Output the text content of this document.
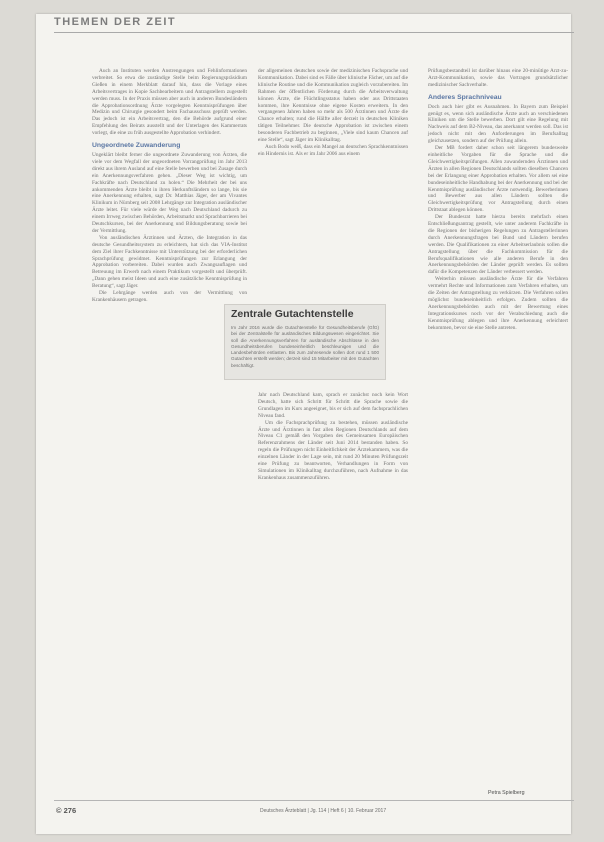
THEMEN DER ZEIT

Auch an Instituten werden Anstrengungen und Fehlinformationen verbreitet. So etwa die zuständige Stelle beim Regierungspräsidium Gießen in einem Merkblatt darauf hin, dass die Vorlage eines Arbeitsvertrages in Kopie Sachbearbeitern und Antragstellern zugestellt werden muss. In der Praxis müssen aber auch in anderen Bundesländern die Approbationsordnung Ärzte vorgelegten Kenntnisprüfungen über Medizin und Chirurgie gesondert beim Fachausschuss geprüft werden. Das jedoch ist ein Arbeitsvertrag, den die Behörde aufgrund einer Empfehlung des Beirats ausstellt und der Unterlagen des Kammerrats vorlegt, die eine zu früh ausgestellte Approbation verhindert.

Ungeordnete Zuwanderung

Ungeklärt bleibt ferner die ungeordnete Zuwanderung von Ärzten, die viele vor dem Wegfall der ungeordneten Vorrangprüfung im Jahr 2013 direkt aus ihrem Ausland auf eine Stelle bewerben und bei Zusage durch ein Anerkennungsverfahren gehen. „Dieser Weg ist wichtig, um Fachkräfte nach Deutschland zu holen.“ Die Mehrheit der bei uns ankommenden Ärzte bleibt in ihren Herkunftsländern so lange, bis sie eine Anerkennung erhalten, sagt Dr. Matthias Jäger, der am Vivantes Klinikum in Nürnberg seit 2008 Lehrgänge zur Integration ausländischer Ärzte leitet. Für viele würde der Weg nach Deutschland dadurch zu einem Irrweg zwischen Behörden, Arbeitsmarkt und Sprachbarrieren bei Deutschkursen, bei der Anerkennung und Bildungsberatung sowie bei der Vermittlung.

Von ausländischen Ärztinnen und Ärzten, die Integration in das deutsche Gesundheitssystem zu erleichtern, hat sich das VIA-Institut dem Ziel ihrer Fachkenntnisse mit Unterstützung bei der erforderlichen Sprachprüfung gewidmet. Kenntnisprüfungen zur Erlangung der Approbation vorbereiten. Dabei wurden auch Zwangsauflagen und Betreuung im Erwerb nach einem Praktikum vorgestellt und überprüft. „Dann gehen meist Ideen und auch eine zusätzliche Kenntnisprüfung in Beratung“, sagt Jäger.

Die Lehrgänge werden auch von der Vermittlung von Krankenhäusern getragen.

der allgemeinen deutschen sowie der medizinischen Fachsprache und Kommunikation. Dabei sind es Fälle über klinische Fächer, um auf die klinische Routine und die Kommunikation zugleich vorzubereiten. Im Rahmen der öffentlichen Förderung durch die Arbeitsverwaltung können Ärzte, die Flüchtlingsstatus haben oder aus Drittstaaten kommen, ihre Kenntnisse ohne eigene Kosten erweitern. In den vergangenen Jahren haben so mehr als 500 Ärztinnen und Ärzte die Chance erhalten; rund die Hälfte aller derzeit in deutschen Kliniken tätigen Teilnehmer. Die deutsche Approbation ist zwischen einem besonderen Fachbetrieb zu beginnen, „Viele sind kaum Chancen auf eine Stelle“, sagt Jäger im Klinikalltag.

Auch Bodo weiß, dass ein Mangel an deutschen Sprachkenntnissen ein Hindernis ist. Als er im Jahr 2006 aus einem

Zentrale Gutachtenstelle
Im Jahr 2016 wurde die Gutachtenstelle für Gesundheitsberufe (GfG) bei der Zentralstelle für ausländisches Bildungswesen eingerichtet. Sie soll die Anerkennungsverfahren für ausländische Abschlüsse in den Gesundheitsberufen bundeseinheitlich beschleunigen und die Landesbehörden entlasten. Bis zum Jahresende sollen dort rund 1 500 Gutachten erstellt werden; derzeit sind 15 Mitarbeiter mit den Gutachten beschäftigt.

Jahr nach Deutschland kam, sprach er zunächst noch kein Wort Deutsch, hatte sich Schritt für Schritt die Sprache sowie die Grundlagen im Kurs angeeignet, bis er sich auf dem fachsprachlichen Niveau fand.

Um die Fachsprachprüfung zu bestehen, müssen ausländische Ärzte und Ärztinnen in fast allen Regionen Deutschlands auf dem Niveau C1 gemäß den Vorgaben des Gemeinsamen Europäischen Referenzrahmens der Länder seit Juni 2014 bestanden haben. So regeln die Prüfungen nicht Einheitlichkeit der Ärztekammern, was die einzelnen Länder in der Lage sein, mit rund 20 Minuten Prüfungszeit eine Prüfung zu beantworten, Verhandlungen in Form von Simulationen im Klinikalltag durchzuführen, nach Aufnahme in das Krankenhaus zusammenzuführen.

Prüfungsbestandteil ist darüber hinaus eine 20-minütige Arzt-zu-Arzt-Kommunikation, sowie das Vortragen grundsätzlicher medizinischer Sachverhalte.

Anderes Sprachniveau

Doch auch hier gibt es Ausnahmen. In Bayern zum Beispiel genügt es, wenn sich ausländische Ärzte auch an verschiedenen Kliniken um die Stelle bewerben. Dort gilt eine Regelung mit Nachweis auf dem B2-Niveau, das anerkannt werden soll. Das ist jedoch nicht mit den Anforderungen im Berufsalltag gleichzusetzen, sondern auf der Prüfung allein.

Der MB fordert daher schon seit längerem bundesweite einheitliche Vorgaben für die Sprache und die Gleichwertigkeitsprüfungen. Allen zuwandernden Ärztinnen und Ärzten in allen Regionen Deutschlands sollten dieselben Chancen bei der Erlangung einer Approbation erhalten. Vor allem sei eine bundeseinheitliche Handhabung bei der Anerkennung und bei der Kenntnisprüfung ausländischer Ärzte notwendig. Bewerberinnen und Bewerber aus allen Ländern sollten die Gleichwertigkeitsprüfung vor Antragstellung durch einen Drittstaat ablegen können.

Der Bundesrat hatte hierzu bereits mehrfach einen Entschließungsantrag gestellt, wie unter anderem Fachkräfte in die Regionen der bisherigen Regelungen zu Antragstellerinnen durch Anerkennungsfragen bei Bund und Ländern berufen werden. Die Qualifikationen zu einer Arbeitserlaubnis sollen die Antragstellung über die Fachkommission für die Berufsqualifikationen wie alle anderen Berufe in den Anerkennungsbehörden der Länder geprüft werden. Es sollten dafür die Kompetenzen der Länder verbessert werden.

Weiterhin müssen ausländische Ärzte für die Verfahren vermehrt Rechte und Informationen zum Verfahren erhalten, um die Zeiten der Antragstellung zu verkürzen. Die Verfahren sollen möglichst bundeseinheitlich erfolgen. Zudem sollten die Anerkennungsbehörden auch mit der Bewertung eines Integrationskurses noch vor der Verabschiedung auch die Kenntnisprüfung ablegen und ihre Anerkennung erleichtert bekommen, bevor sie eine Stelle antreten.

Petra Spielberg
© 276	Deutsches Ärzteblatt | Jg. 114 | Heft 6 | 10. Februar 2017
